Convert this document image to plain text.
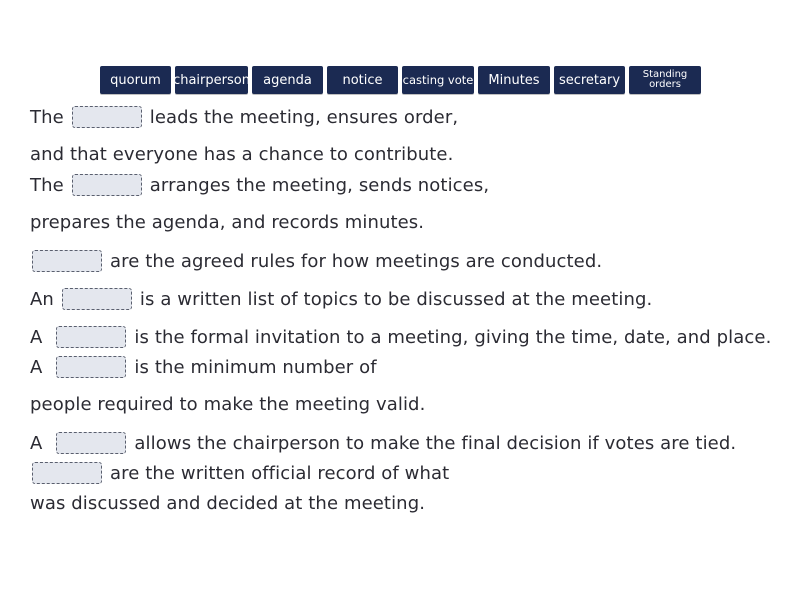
quorum chairperson	agenda	notice	casting vote	Minutes	secretary	Standing orders
The	leads the meeting, ensures order,
and that everyone has a chance to contribute.
The	arranges the meeting, sends notices,
prepares the agenda, and records minutes.
are the agreed rules for how meetings are conducted.
An	is a written list of topics to be discussed at the meeting.
A	is the formal invitation to a meeting, giving the time, date, and place.
A	is the minimum number of
people required to make the meeting valid.
A	allows the chairperson to make the final decision if votes are tied.
are the written official record of what
was discussed and decided at the meeting.
